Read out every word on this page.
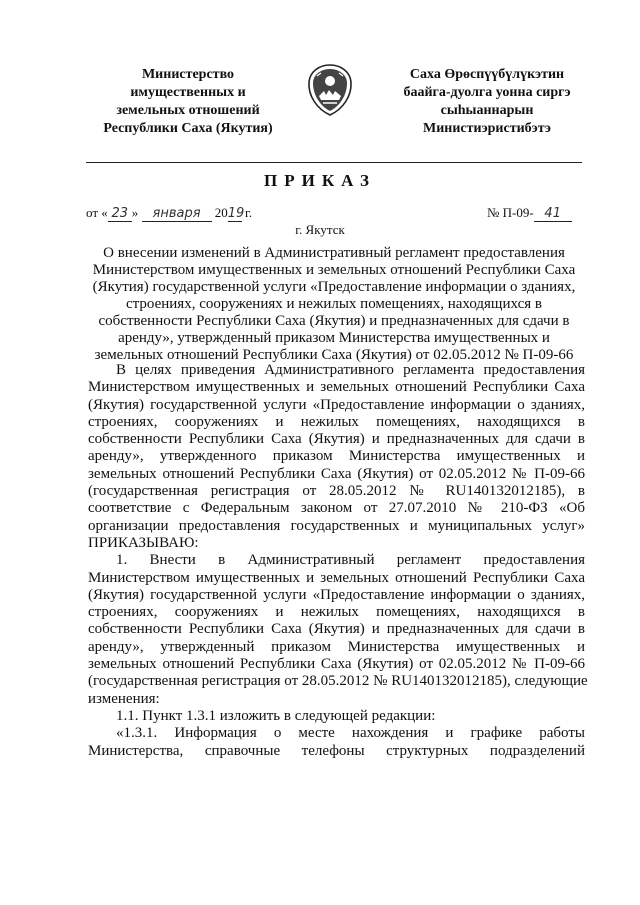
Министерство
имущественных и
земельных отношений
Республики Саха (Якутия)
Саха Өрөспүүбүлүкэтин
баайга-дуолга уонна сиргэ
сыһыаннарын
Министиэристибэтэ
ПРИКАЗ
от « 23 » января 2019 г.	№ П-09- 41
г. Якутск
О внесении изменений в Административный регламент предоставления
Министерством имущественных и земельных отношений Республики Саха
(Якутия) государственной услуги «Предоставление информации о зданиях,
строениях, сооружениях и нежилых помещениях, находящихся в
собственности Республики Саха (Якутия) и предназначенных для сдачи в
аренду», утвержденный приказом Министерства имущественных и
земельных отношений Республики Саха (Якутия) от 02.05.2012 № П-09-66
В целях приведения Административного регламента предоставления
Министерством имущественных и земельных отношений Республики Саха
(Якутия) государственной услуги «Предоставление информации о зданиях,
строениях, сооружениях и нежилых помещениях, находящихся в
собственности Республики Саха (Якутия) и предназначенных для сдачи в
аренду», утвержденного приказом Министерства имущественных и
земельных отношений Республики Саха (Якутия) от 02.05.2012 № П-09-66
(государственная регистрация от 28.05.2012 № RU140132012185), в
соответствие с Федеральным законом от 27.07.2010 № 210-ФЗ «Об
организации предоставления государственных и муниципальных услуг»
ПРИКАЗЫВАЮ:
1. Внести в Административный регламент предоставления
Министерством имущественных и земельных отношений Республики Саха
(Якутия) государственной услуги «Предоставление информации о зданиях,
строениях, сооружениях и нежилых помещениях, находящихся в
собственности Республики Саха (Якутия) и предназначенных для сдачи в
аренду», утвержденный приказом Министерства имущественных и
земельных отношений Республики Саха (Якутия) от 02.05.2012 № П-09-66
(государственная регистрация от 28.05.2012 № RU140132012185), следующие
изменения:
1.1. Пункт 1.3.1 изложить в следующей редакции:
«1.3.1. Информация о месте нахождения и графике работы
Министерства, справочные телефоны структурных подразделений
